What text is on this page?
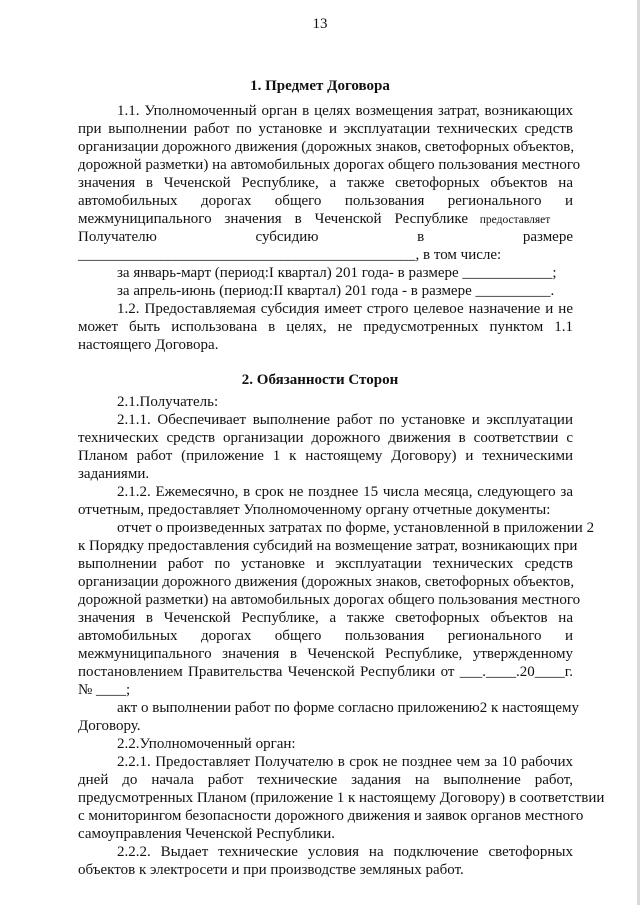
13
1. Предмет Договора
1.1. Уполномоченный орган в целях возмещения затрат, возникающих
при выполнении работ по установке и эксплуатации технических средств
организации дорожного движения (дорожных знаков, светофорных объектов,
дорожной разметки) на автомобильных дорогах общего пользования местного
значения в Чеченской Республике, а также светофорных объектов на
автомобильных дорогах общего пользования регионального и
межмуниципального значения в Чеченской Республике предоставляет
Получателю субсидию в размере
_____________________________________________, в том числе:
за январь-март (период:I квартал) 201 года- в размере ____________;
за апрель-июнь (период:II квартал) 201 года - в размере __________.
1.2. Предоставляемая субсидия имеет строго целевое назначение и не
может быть использована в целях, не предусмотренных пунктом 1.1
настоящего Договора.
2. Обязанности Сторон
2.1.Получатель:
2.1.1. Обеспечивает выполнение работ по установке и эксплуатации
технических средств организации дорожного движения в соответствии с
Планом работ (приложение 1 к настоящему Договору) и техническими
заданиями.
2.1.2. Ежемесячно, в срок не позднее 15 числа месяца, следующего за
отчетным, предоставляет Уполномоченному органу отчетные документы:
отчет о произведенных затратах по форме, установленной в приложении 2
к Порядку предоставления субсидий на возмещение затрат, возникающих при
выполнении работ по установке и эксплуатации технических средств
организации дорожного движения (дорожных знаков, светофорных объектов,
дорожной разметки) на автомобильных дорогах общего пользования местного
значения в Чеченской Республике, а также светофорных объектов на
автомобильных дорогах общего пользования регионального и
межмуниципального значения в Чеченской Республике, утвержденному
постановлением Правительства Чеченской Республики от ___.____.20____г.
№ ____;
акт о выполнении работ по форме согласно приложению2 к настоящему
Договору.
2.2.Уполномоченный орган:
2.2.1. Предоставляет Получателю в срок не позднее чем за 10 рабочих
дней до начала работ технические задания на выполнение работ,
предусмотренных Планом (приложение 1 к настоящему Договору) в соответствии
с мониторингом безопасности дорожного движения и заявок органов местного
самоуправления Чеченской Республики.
2.2.2. Выдает технические условия на подключение светофорных
объектов к электросети и при производстве земляных работ.
